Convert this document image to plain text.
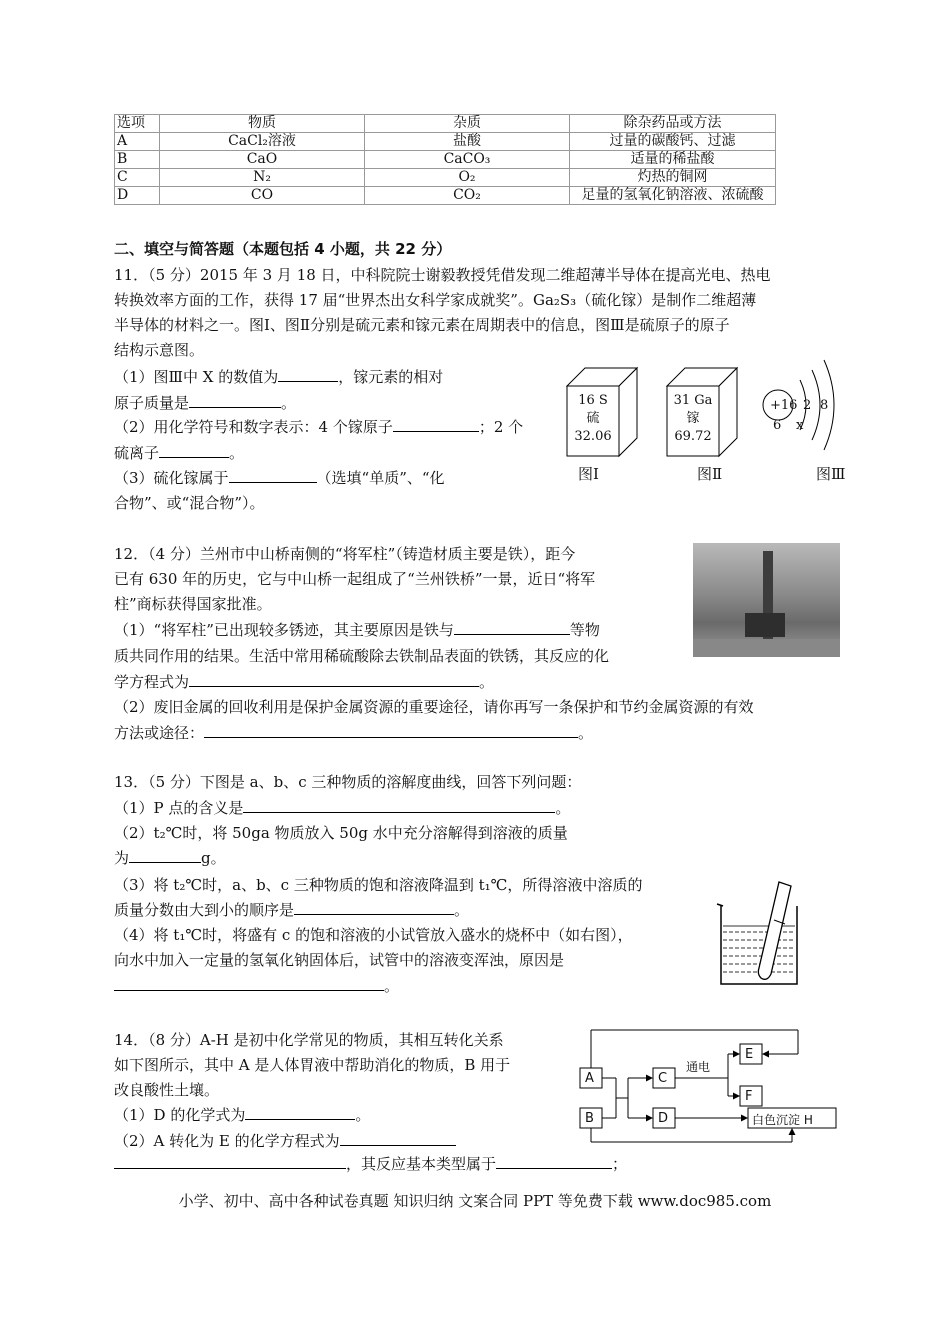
选项	物质	杂质	除杂药品或方法
A	CaCl₂溶液	盐酸	过量的碳酸钙、过滤
B	CaO	CaCO₃	适量的稀盐酸
C	N₂	O₂	灼热的铜网
D	CO	CO₂	足量的氢氧化钠溶液、浓硫酸
二、填空与简答题（本题包括 4 小题，共 22 分）
11．（5 分）2015 年 3 月 18 日，中科院院士谢毅教授凭借发现二维超薄半导体在提高光电、热电
转换效率方面的工作，获得 17 届“世界杰出女科学家成就奖”。Ga₂S₃（硫化镓）是制作二维超薄
半导体的材料之一。图Ⅰ、图Ⅱ分别是硫元素和镓元素在周期表中的信息，图Ⅲ是硫原子的原子
结构示意图。
（1）图Ⅲ中 X 的数值为	，镓元素的相对
原子质量是	。
（2）用化学符号和数字表示：4 个镓原子	；2 个
硫离子	。
（3）硫化镓属于	（选填“单质”、“化
合物”、或“混合物”）。
16 S
硫
32.06
31 Ga
镓
69.72
图Ⅰ	图Ⅱ
+16 2 8
6 x
图Ⅲ
12．（4 分）兰州市中山桥南侧的“将军柱”（铸造材质主要是铁），距今
已有 630 年的历史，它与中山桥一起组成了“兰州铁桥”一景，近日“将军
柱”商标获得国家批准。
（1）“将军柱”已出现较多锈迹，其主要原因是铁与	等物
质共同作用的结果。生活中常用稀硫酸除去铁制品表面的铁锈，其反应的化
学方程式为	。
（2）废旧金属的回收利用是保护金属资源的重要途径，请你再写一条保护和节约金属资源的有效
方法或途径：	。
13．（5 分）下图是 a、b、c 三种物质的溶解度曲线，回答下列问题：
（1）P 点的含义是	。
（2）t₂℃时，将 50ga 物质放入 50g 水中充分溶解得到溶液的质量
为	g。
（3）将 t₂℃时，a、b、c 三种物质的饱和溶液降温到 t₁℃，所得溶液中溶质的
质量分数由大到小的顺序是	。
（4）将 t₁℃时，将盛有 c 的饱和溶液的小试管放入盛水的烧杯中（如右图），
向水中加入一定量的氢氧化钠固体后，试管中的溶液变浑浊，原因是
。
14．（8 分）A-H 是初中化学常见的物质，其相互转化关系
如下图所示，其中 A 是人体胃液中帮助消化的物质，B 用于
改良酸性土壤。
（1）D 的化学式为	。
（2）A 转化为 E 的化学方程式为
，其反应基本类型属于	；
A
B
C
D
E
F
白色沉淀 H
通电
小学、初中、高中各种试卷真题 知识归纳 文案合同 PPT 等免费下载 www.doc985.com
